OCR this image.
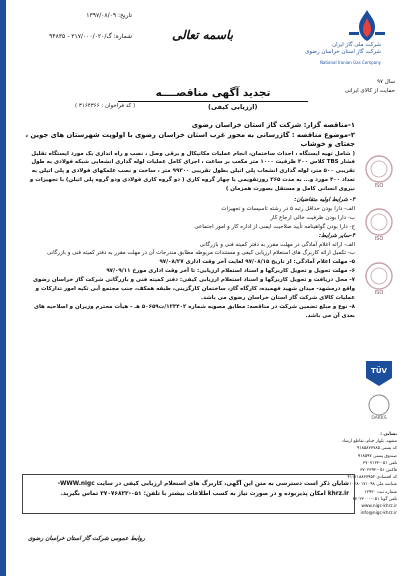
شرکت ملی گاز ایران
شرکت گاز استان خراسان رضوی
National Iranian Gas Company
باسمه تعالی
تاریخ: ۱۳۹۷/۰۸/۰۹
شماره: گ/۳۱۷/۰۰۰/۰۲۰ - ۹۴۸۳۵
سال ۹۷
حمایت از کالای ایرانی
تجدید آگهی مناقصــــه
(ارزیابی کیفی)
( کد فراخوان : ۳۱۶۴۳۶۶ )

۱-مناقصه گزار: شرکت گاز استان خراسان رضوی

۲-موضوع مناقصه : گازرسانی به محور غرب استان خراسان رضوی با اولویت شهرستان های جوین ، جغتای و خوشاب

( شامل تهیه ایستگاه ، احداث ساختمان، انجام عملیات مکانیکال و برقی وصل ، نصب و راه اندازی یک مورد ایستگاه تقلیل فشار TBS کلاس ۳۰۰ ظرفیت ۱۰۰۰ متر مکعب بر ساعت ، اجرای کامل عملیات لوله گذاری انشعابی شبکه فولادی به طول تقریبی ۵۰۰ متر، لوله گذاری انشعاب پلی اتیلن بطول تقریبی ۹۹۳۰۰ متر ، ساخت و نصب علمکهای فولادی و پلی اتیلن به تعداد ۴۰۰ مورد و... به مدت ۳۶۵ روزتقویمی با چهار گروه کاری ( دو گروه کاری فولادی ودو گروه پلی اتیلن) با تجهیزات و نیروی انسانی کامل و مستقل بصورت همزمان )

۳- شرایط اولیه متقاضیان:

الف- دارا بودن حداقل رتبه ۵ در رشته تاسیسات و تجهیزات

ب- دارا بودن ظرفیت خالی ارجاع کار

ج- دارا بودن گواهینامه تأیید صلاحیت ایمنی از اداره کار و امور اجتماعی

۴-سایر شرایط:

الف- ارائه اعلام آمادگی در مهلت مقرر به دفتر کمیته فنی و بازرگانی

ب- تکمیل ارائه کاربرگ های استعلام ارزیابی کیفی و مستندات مربوطه مطابق مندرجات آن در مهلت مقرر به دفتر کمیته فنی و بازرگانی

۵- مهلت اعلام آمادگی: از تاریخ ۹۷/۰۸/۱۵ لغایت آخر وقت اداری ۹۷/۰۸/۲۷

۶- مهلت تحویل و تحویل کاربرگها و اسناد استعلام ارزیابی: تا آخر وقت اداری مورخ ۹۷/۰۹/۱۱

۷- محل دریافت و تحویل کاربرگها و اسناد استعلام ارزیابی کیفی: دفتر کمیته فنی و بازرگانی شرکت گاز خراسان رضوی واقع درمشهد- میدان شهید فهمیده، کارگاه گاز، ساختمان کارگزینی، طبقه همکف، جنب مجتمع آبی تکیه امور تدارکات و عملیات کالای شرکت گاز استان خراسان رضوی می باشد.

۸- نوع و مبلغ تضمین شرکت در مناقصه: مطابق مصوبه شماره ۱۲۳۴۰۲/ت۵۰۶۵۹ هـ - هیأت محترم وزیران و اصلاحیه های بعدی آن می باشد.

شایان ذکر است دسترسی به متن این آگهی، کاربرگ های استعلام ارزیابی کیفی در سایت WWW.nigc-
khrz.ir امکان پذیربوده و در صورت نیاز به کسب اطلاعات بیشتر با تلفن: ۰۵۱-۳۷۰۷۶۸۲۲ تماس بگیرید.
روابط عمومی شرکت گاز استان خراسان رضوی
ISO
ISO
ISO
TÜV
DAKKS
نشانی :
مشهد، بلوار خیام، تقاطع ارشاد
کد پستی ۹۱۸۵۸۷۷۷۸۵
صندوق پستی ۹۱۸۵۹۷
تلفن ۰۵۱-۳۷۰۷۱۳۲
فاکس ۰۵۱-۳۷۰۲۳۹۲
کد اقتصادی ۴۱۱۱۱۸۸۳۷۹۵۲
شناسه ملی ۱۰۲۸۰۱۷۱۰۹۸
شماره ثبت ۱۲۹۳۰
تلفن گویا ۰۵۱-۳۷۰۲۳۰۰۰
www.nigc-khrz.ir
info@nigc-khrz.ir
